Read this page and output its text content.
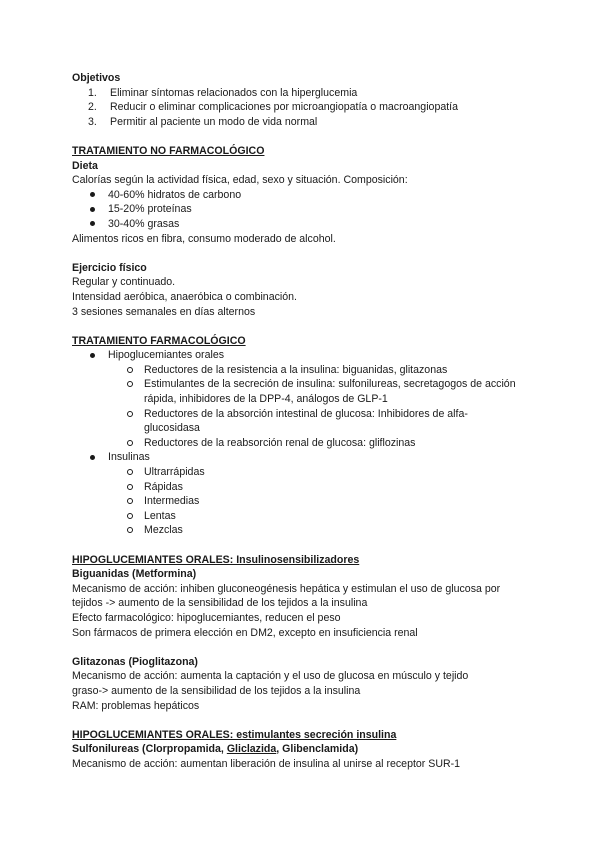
Objetivos
1. Eliminar síntomas relacionados con la hiperglucemia
2. Reducir o eliminar complicaciones por microangiopatía o macroangiopatía
3. Permitir al paciente un modo de vida normal
TRATAMIENTO NO FARMACOLÓGICO
Dieta
Calorías según la actividad física, edad, sexo y situación. Composición:
40-60% hidratos de carbono
15-20% proteínas
30-40% grasas
Alimentos ricos en fibra, consumo moderado de alcohol.
Ejercicio físico
Regular y continuado.
Intensidad aeróbica, anaeróbica o combinación.
3 sesiones semanales en días alternos
TRATAMIENTO FARMACOLÓGICO
Hipoglucemiantes orales
Reductores de la resistencia a la insulina: biguanidas, glitazonas
Estimulantes de la secreción de insulina: sulfonilureas, secretagogos de acción rápida, inhibidores de la DPP-4, análogos de GLP-1
Reductores de la absorción intestinal de glucosa: Inhibidores de alfa-glucosidasa
Reductores de la reabsorción renal de glucosa: gliflozinas
Insulinas
Ultrarrápidas
Rápidas
Intermedias
Lentas
Mezclas
HIPOGLUCEMIANTES ORALES: Insulinosensibilizadores
Biguanidas (Metformina)
Mecanismo de acción: inhiben gluconeogénesis hepática y estimulan el uso de glucosa por
tejidos -> aumento de la sensibilidad de los tejidos a la insulina
Efecto farmacológico: hipoglucemiantes, reducen el peso
Son fármacos de primera elección en DM2, excepto en insuficiencia renal
Glitazonas (Pioglitazona)
Mecanismo de acción: aumenta la captación y el uso de glucosa en músculo y tejido
graso-> aumento de la sensibilidad de los tejidos a la insulina
RAM: problemas hepáticos
HIPOGLUCEMIANTES ORALES: estimulantes secreción insulina
Sulfonilureas (Clorpropamida, Gliclazida, Glibenclamida)
Mecanismo de acción: aumentan liberación de insulina al unirse al receptor SUR-1
